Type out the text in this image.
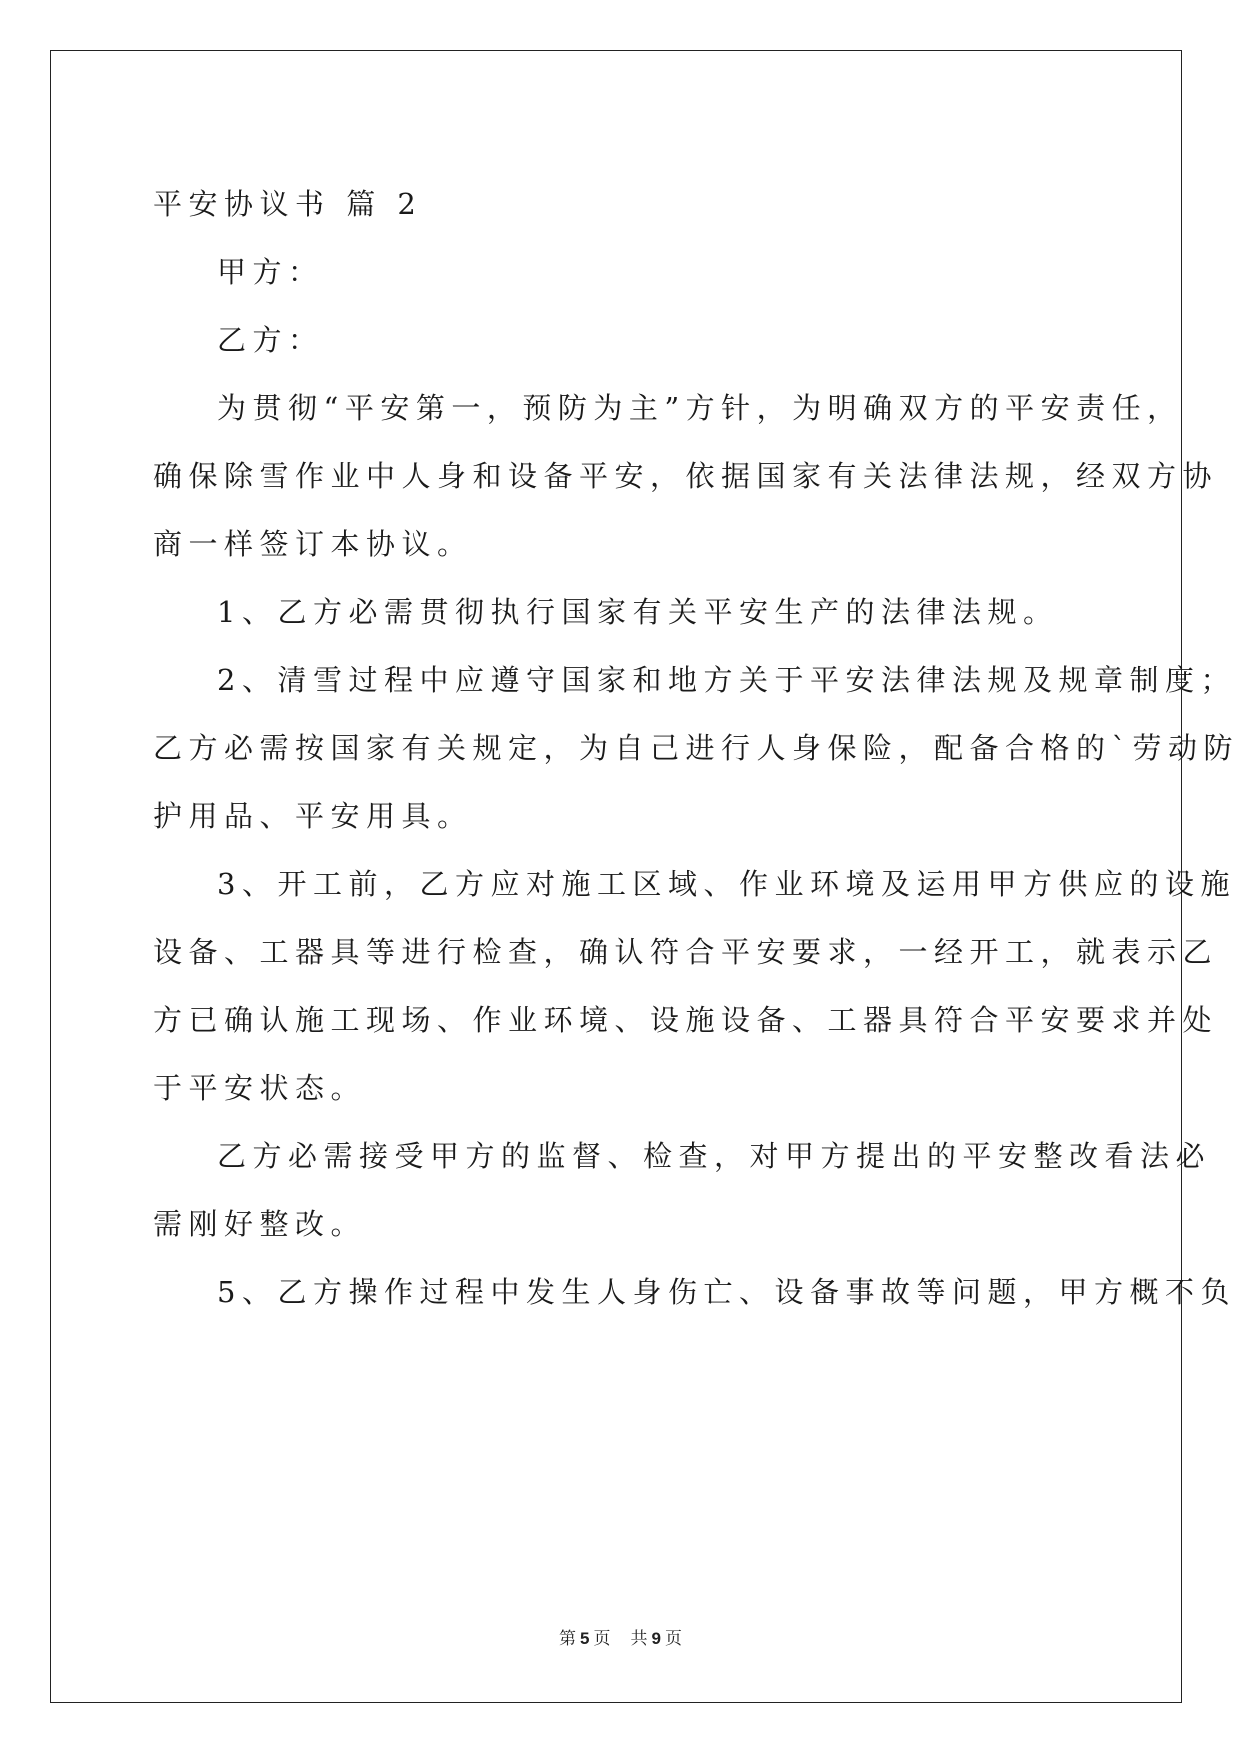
平安协议书 篇 2

甲方：

乙方：

为贯彻“平安第一，预防为主”方针，为明确双方的平安责任，

确保除雪作业中人身和设备平安，依据国家有关法律法规，经双方协

商一样签订本协议。

1、乙方必需贯彻执行国家有关平安生产的法律法规。

2、清雪过程中应遵守国家和地方关于平安法律法规及规章制度；

乙方必需按国家有关规定，为自己进行人身保险，配备合格的`劳动防

护用品、平安用具。

3、开工前，乙方应对施工区域、作业环境及运用甲方供应的设施

设备、工器具等进行检查，确认符合平安要求，一经开工，就表示乙

方已确认施工现场、作业环境、设施设备、工器具符合平安要求并处

于平安状态。

乙方必需接受甲方的监督、检查，对甲方提出的平安整改看法必

需刚好整改。

5、乙方操作过程中发生人身伤亡、设备事故等问题，甲方概不负

第 5 页 共 9 页
